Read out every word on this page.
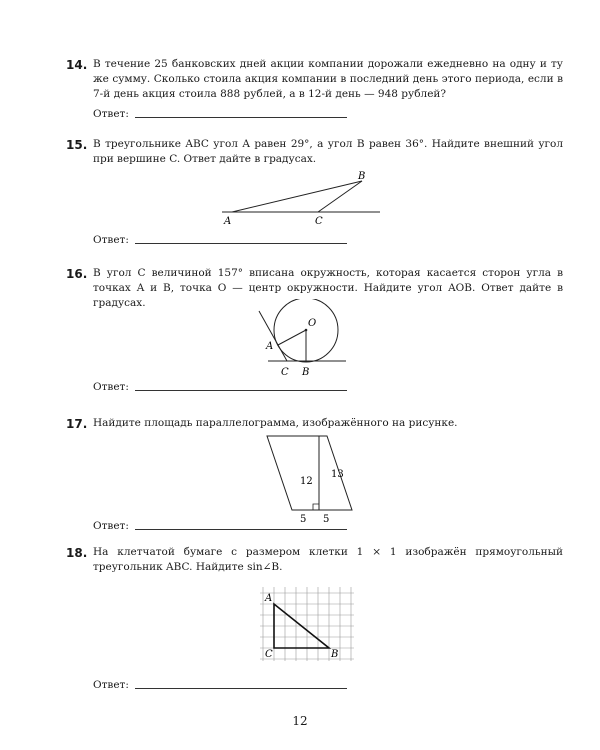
14. В течение 25 банковских дней акции компании дорожали ежедневно на одну и ту же сумму. Сколько стоила акция компании в последний день этого периода, если в 7-й день акция стоила 888 рублей, а в 12-й день — 948 рублей?
Ответ:
15. В треугольнике ABC угол A равен 29°, а угол B равен 36°. Найдите внешний угол при вершине C. Ответ дайте в градусах.
A
B
C
Ответ:
16. В угол C величиной 157° вписана окружность, которая касается сторон угла в точках A и B, точка O — центр окружности. Найдите угол AOB. Ответ дайте в градусах.
O
A
C B
Ответ:
17. Найдите площадь параллелограмма, изображённого на рисунке.
12
13
5 5
Ответ:
18. На клетчатой бумаге с размером клетки 1 × 1 изображён прямоугольный треугольник ABC. Найдите sin∠B.
A
C	B
Ответ:
12
